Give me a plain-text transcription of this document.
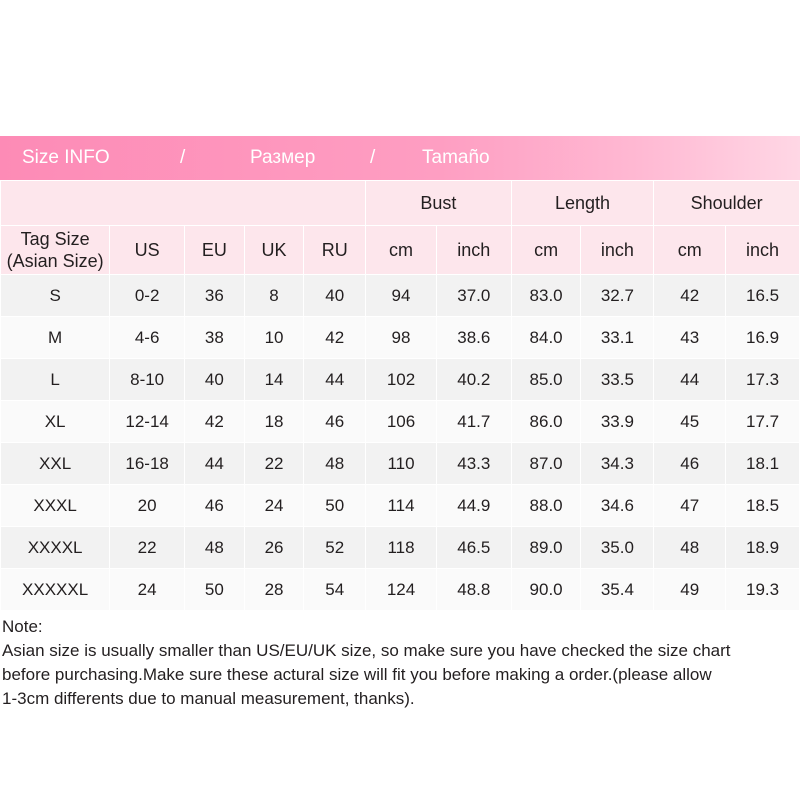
Size INFO	/	Размер	/	Tamaño
					Bust		Length		Shoulder	
Tag Size
(Asian Size)	US	EU	UK	RU	cm	inch	cm	inch	cm	inch
S	0-2	36	8	40	94	37.0	83.0	32.7	42	16.5
M	4-6	38	10	42	98	38.6	84.0	33.1	43	16.9
L	8-10	40	14	44	102	40.2	85.0	33.5	44	17.3
XL	12-14	42	18	46	106	41.7	86.0	33.9	45	17.7
XXL	16-18	44	22	48	110	43.3	87.0	34.3	46	18.1
XXXL	20	46	24	50	114	44.9	88.0	34.6	47	18.5
XXXXL	22	48	26	52	118	46.5	89.0	35.0	48	18.9
XXXXXL	24	50	28	54	124	48.8	90.0	35.4	49	19.3
Note:
Asian size is usually smaller than US/EU/UK size, so make sure you have checked the size chart
before purchasing.Make sure these actural size will fit you before making a order.(please allow
1-3cm differents due to manual measurement, thanks).
